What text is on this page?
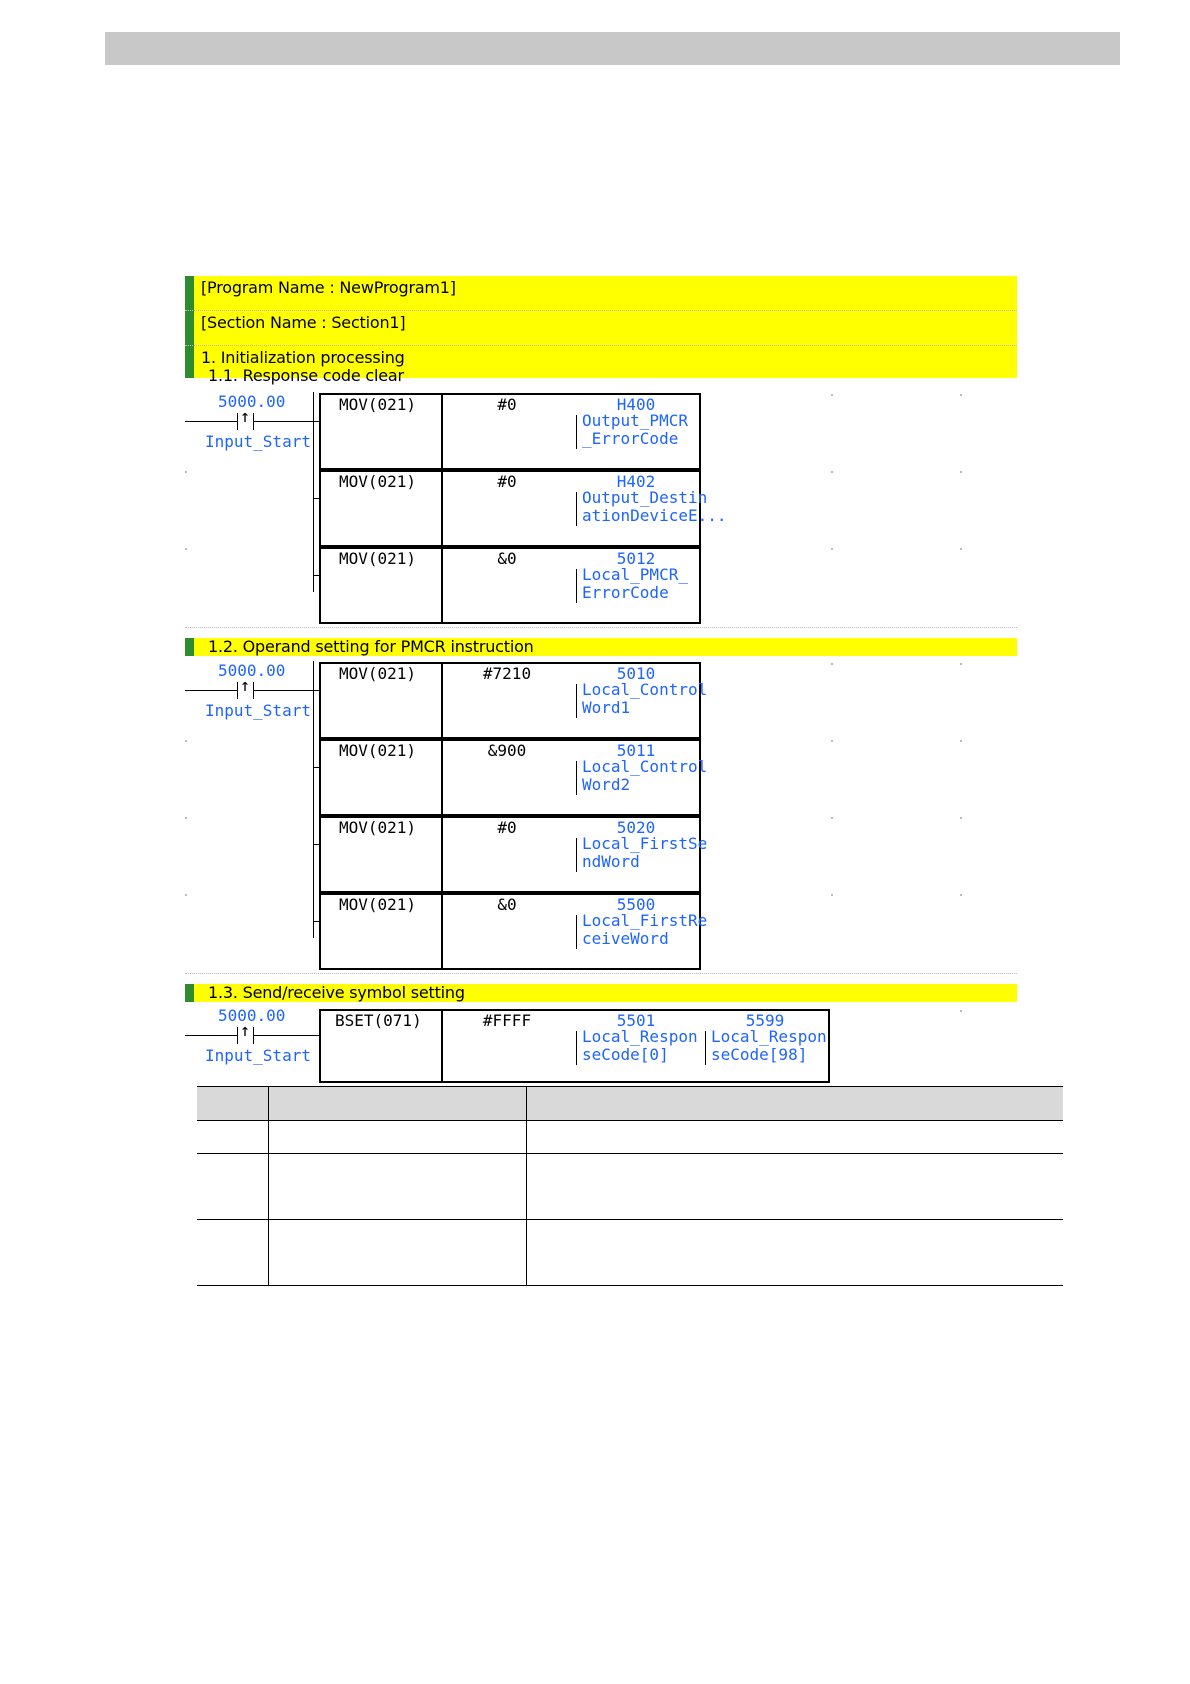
[Program Name : NewProgram1]
[Section Name : Section1]
1. Initialization processing
1.1. Response code clear
5000.00
↑
Input_Start
MOV(021)	#0	H400
Output_PMCR
_ErrorCode
MOV(021)	#0	H402
Output_Destin
ationDeviceE...
MOV(021)	&0	5012
Local_PMCR_
ErrorCode
1.2. Operand setting for PMCR instruction
5000.00
↑
Input_Start
MOV(021)	#7210	5010
Local_Control
Word1
MOV(021)	&900	5011
Local_Control
Word2
MOV(021)	#0	5020
Local_FirstSe
ndWord
MOV(021)	&0	5500
Local_FirstRe
ceiveWord
1.3. Send/receive symbol setting
5000.00
↑
Input_Start
BSET(071)	#FFFF	5501
Local_Respon
seCode[0]
5599
Local_Respon
seCode[98]
